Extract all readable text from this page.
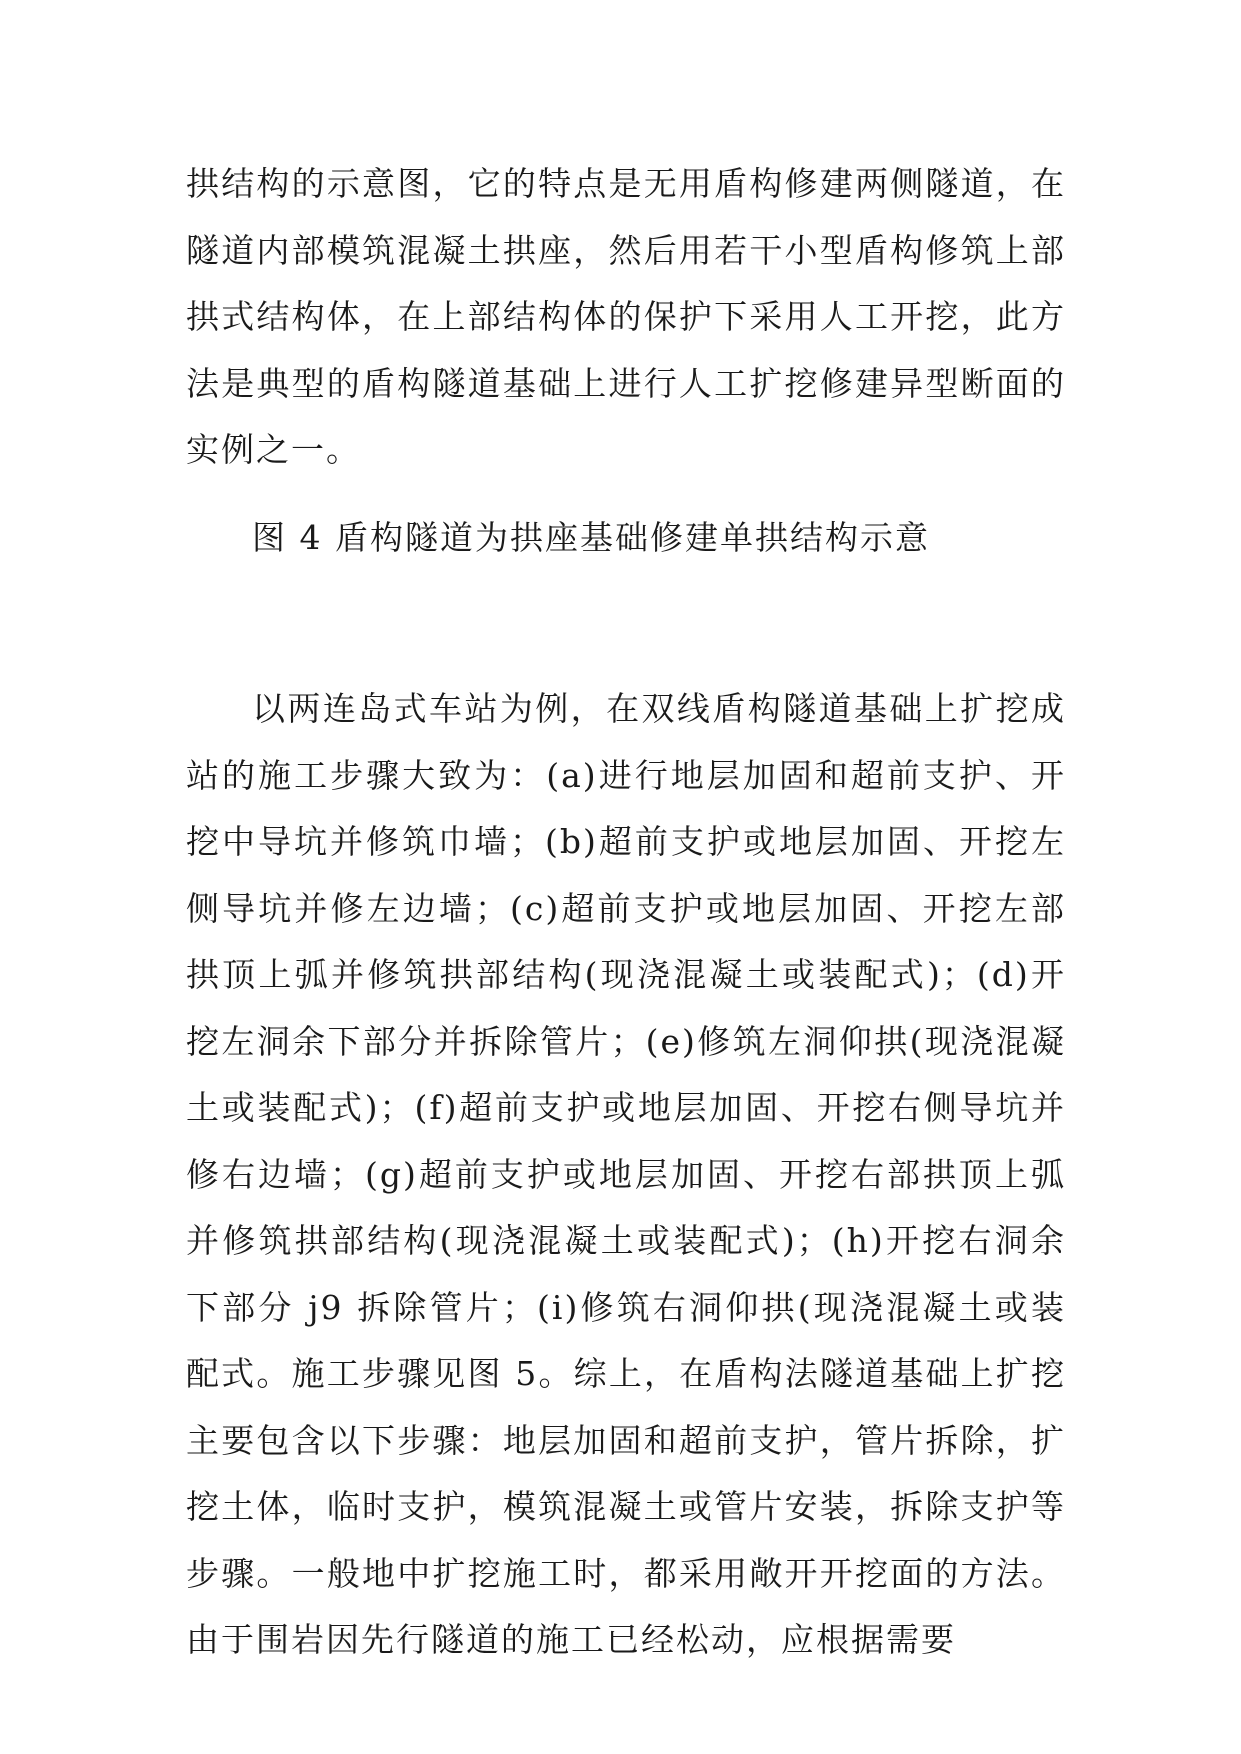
拱结构的示意图，它的特点是无用盾构修建两侧隧道，在隧道内部模筑混凝土拱座，然后用若干小型盾构修筑上部拱式结构体，在上部结构体的保护下采用人工开挖，此方法是典型的盾构隧道基础上进行人工扩挖修建异型断面的实例之一。

图 4 盾构隧道为拱座基础修建单拱结构示意

以两连岛式车站为例，在双线盾构隧道基础上扩挖成站的施工步骤大致为：(a)进行地层加固和超前支护、开挖中导坑并修筑巾墙；(b)超前支护或地层加固、开挖左侧导坑并修左边墙；(c)超前支护或地层加固、开挖左部拱顶上弧并修筑拱部结构(现浇混凝土或装配式)；(d)开挖左洞余下部分并拆除管片；(e)修筑左洞仰拱(现浇混凝土或装配式)；(f)超前支护或地层加固、开挖右侧导坑并修右边墙；(g)超前支护或地层加固、开挖右部拱顶上弧并修筑拱部结构(现浇混凝土或装配式)；(h)开挖右洞余下部分 j9 拆除管片；(i)修筑右洞仰拱(现浇混凝土或装配式。施工步骤见图 5。综上，在盾构法隧道基础上扩挖主要包含以下步骤：地层加固和超前支护，管片拆除，扩挖土体，临时支护，模筑混凝土或管片安装，拆除支护等步骤。一般地中扩挖施工时，都采用敞开开挖面的方法。由于围岩因先行隧道的施工已经松动，应根据需要
